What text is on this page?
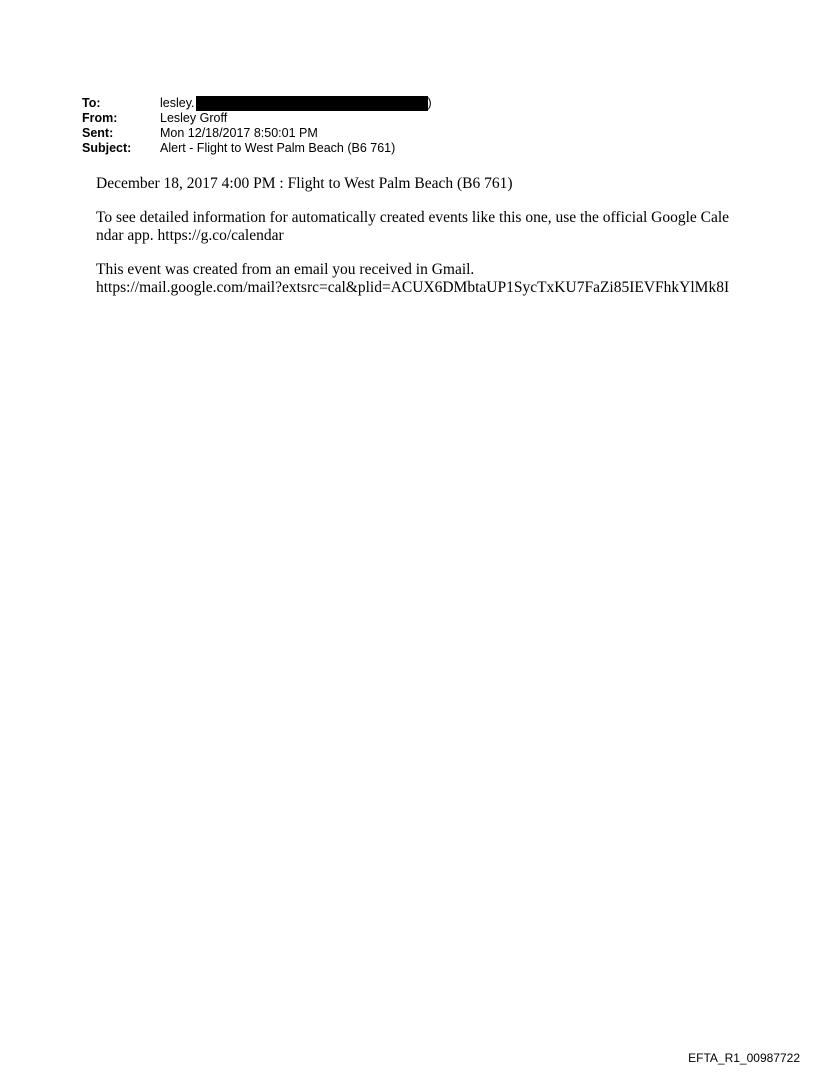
To:	lesley.	)
From:	Lesley Groff
Sent:	Mon 12/18/2017 8:50:01 PM
Subject:	Alert - Flight to West Palm Beach (B6 761)

December 18, 2017 4:00 PM : Flight to West Palm Beach (B6 761)

To see detailed information for automatically created events like this one, use the official Google Calendar app. https://g.co/calendar

This event was created from an email you received in Gmail.
https://mail.google.com/mail?extsrc=cal&plid=ACUX6DMbtaUP1SycTxKU7FaZi85IEVFhkYlMk8I

EFTA_R1_00987722
